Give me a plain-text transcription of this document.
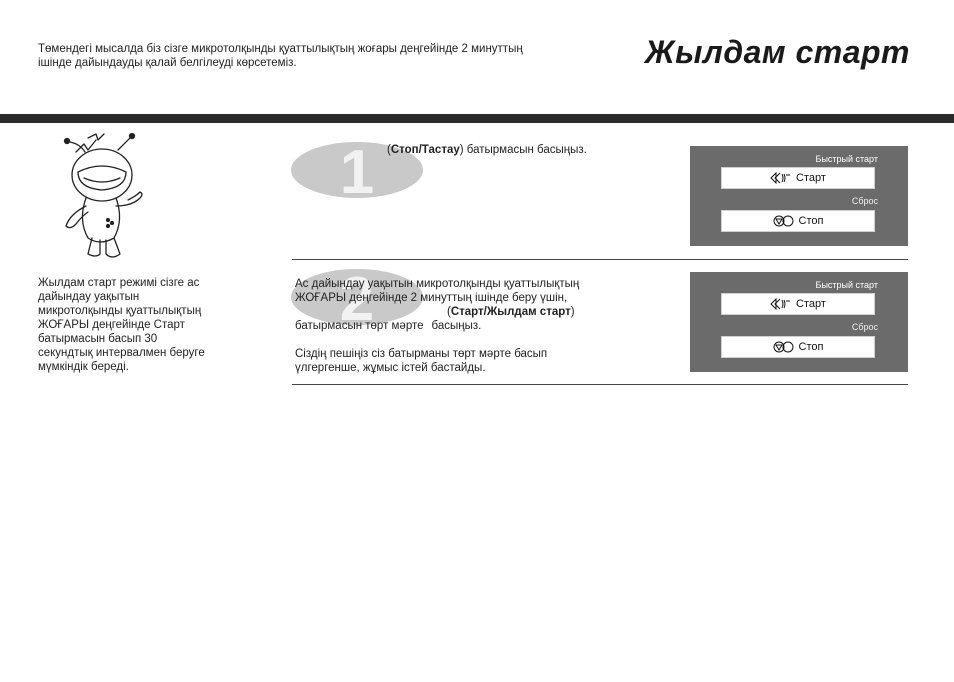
Төмендегі мысалда біз сізге микротолқынды қуаттылықтың жоғары деңгейінде 2 минуттың
ішінде дайындауды қалай белгілеуді көрсетеміз.	Жылдам старт
Жылдам старт режимі сізге ас
дайындау уақытын
микротолқынды қуаттылықтың
ЖОҒАРЫ деңгейінде Старт
батырмасын басып 30
секундтық интервалмен беруге
мүмкіндік береді.
1 (Стоп/Тастау) батырмасын басыңыз.
Быстрый старт
Старт
Сброс
Стоп
2
Ас дайындау уақытын микротолқынды қуаттылықтың
ЖОҒАРЫ деңгейінде 2 минуттың ішінде беру үшін,
(Старт/Жылдам старт)
батырмасын төрт мәрте басыңыз.
Сіздің пешіңіз сіз батырманы төрт мәрте басып
үлгергенше, жұмыс істей бастайды.
Быстрый старт
Старт
Сброс
Стоп
